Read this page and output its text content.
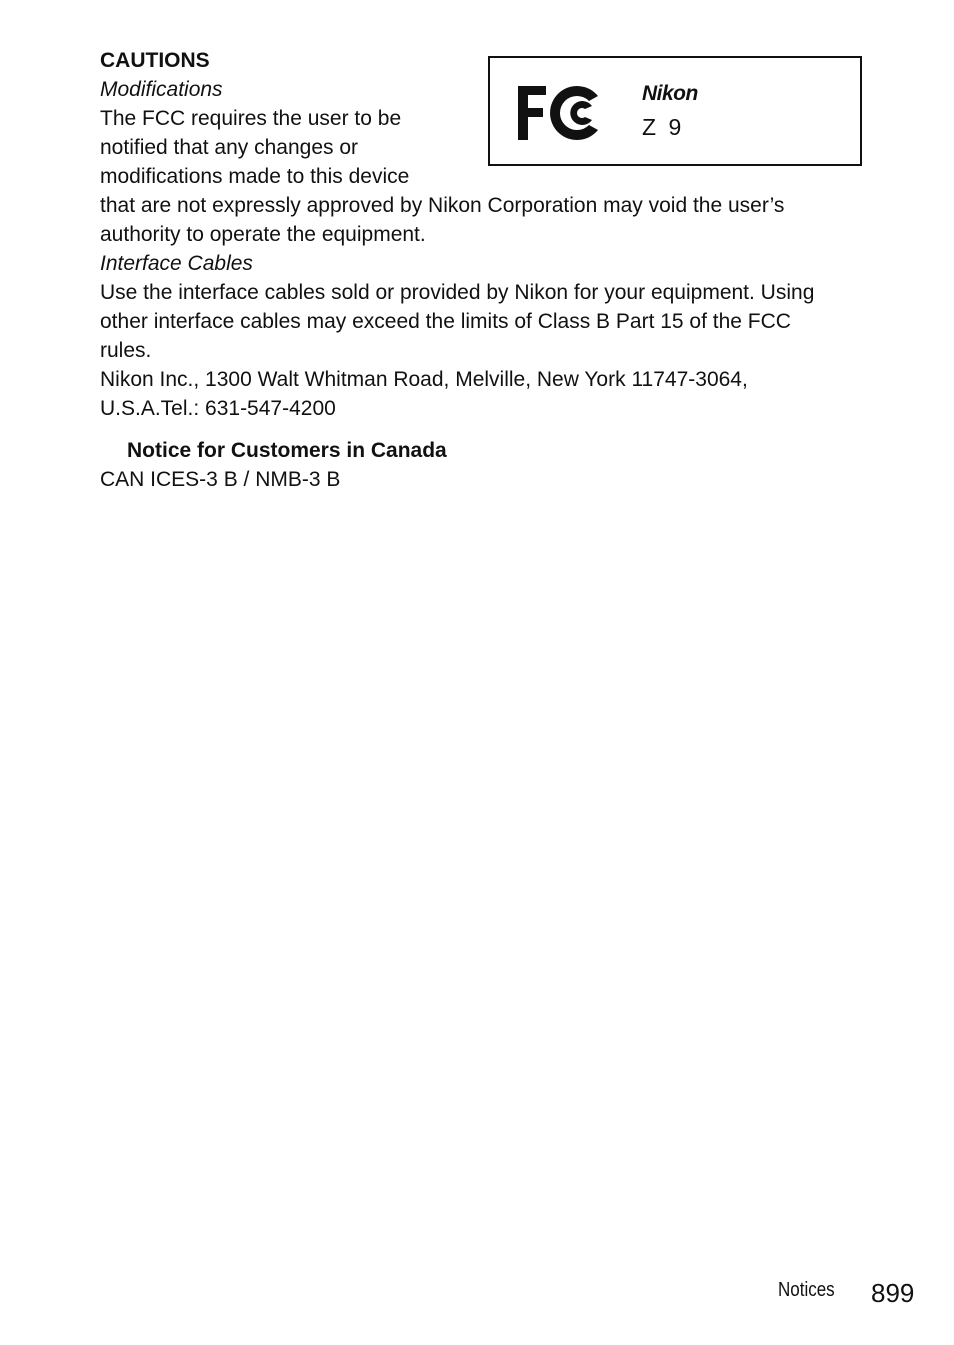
CAUTIONS
Modifications
The FCC requires the user to be
notified that any changes or
modifications made to this device
that are not expressly approved by Nikon Corporation may void the user’s
authority to operate the equipment.
Interface Cables
Use the interface cables sold or provided by Nikon for your equipment. Using
other interface cables may exceed the limits of Class B Part 15 of the FCC
rules.
Nikon Inc., 1300 Walt Whitman Road, Melville, New York 11747-3064,
U.S.A.Tel.: 631-547-4200
Nikon
Z 9
Notice for Customers in Canada
CAN ICES-3 B / NMB-3 B
Notices 899
